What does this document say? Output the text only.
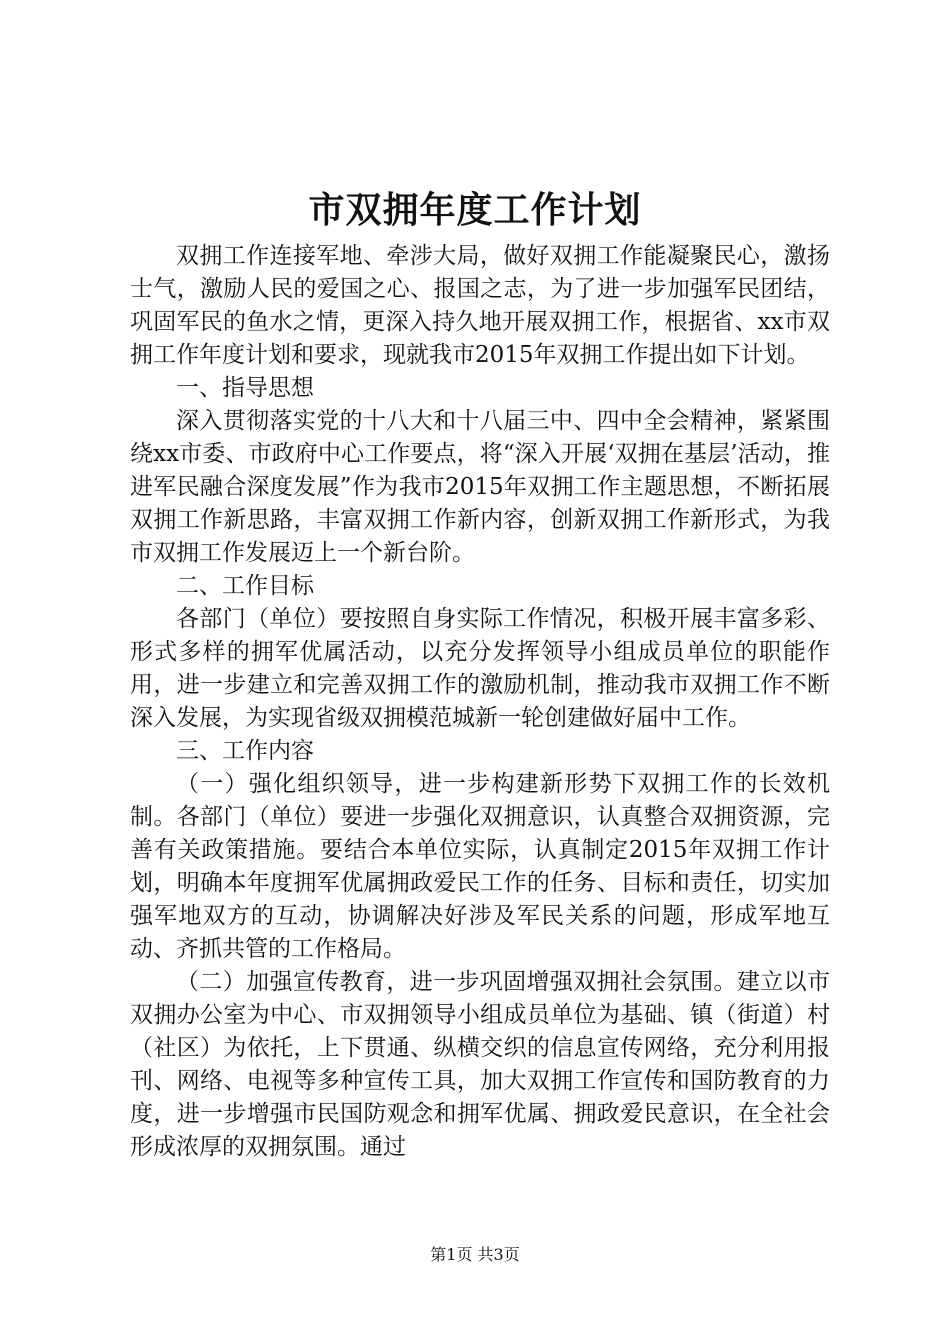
市双拥年度工作计划

双拥工作连接军地、牵涉大局，做好双拥工作能凝聚民心，激扬士气，激励人民的爱国之心、报国之志，为了进一步加强军民团结，巩固军民的鱼水之情，更深入持久地开展双拥工作，根据省、xx市双拥工作年度计划和要求，现就我市2015年双拥工作提出如下计划。

一、指导思想

深入贯彻落实党的十八大和十八届三中、四中全会精神，紧紧围绕xx市委、市政府中心工作要点，将“深入开展‘双拥在基层’活动，推进军民融合深度发展”作为我市2015年双拥工作主题思想，不断拓展双拥工作新思路，丰富双拥工作新内容，创新双拥工作新形式，为我市双拥工作发展迈上一个新台阶。

二、工作目标

各部门（单位）要按照自身实际工作情况，积极开展丰富多彩、形式多样的拥军优属活动，以充分发挥领导小组成员单位的职能作用，进一步建立和完善双拥工作的激励机制，推动我市双拥工作不断深入发展，为实现省级双拥模范城新一轮创建做好届中工作。

三、工作内容

（一）强化组织领导，进一步构建新形势下双拥工作的长效机制。各部门（单位）要进一步强化双拥意识，认真整合双拥资源，完善有关政策措施。要结合本单位实际，认真制定2015年双拥工作计划，明确本年度拥军优属拥政爱民工作的任务、目标和责任，切实加强军地双方的互动，协调解决好涉及军民关系的问题，形成军地互动、齐抓共管的工作格局。

（二）加强宣传教育，进一步巩固增强双拥社会氛围。建立以市双拥办公室为中心、市双拥领导小组成员单位为基础、镇（街道）村（社区）为依托，上下贯通、纵横交织的信息宣传网络，充分利用报刊、网络、电视等多种宣传工具，加大双拥工作宣传和国防教育的力度，进一步增强市民国防观念和拥军优属、拥政爱民意识，在全社会形成浓厚的双拥氛围。通过

第1页 共3页
